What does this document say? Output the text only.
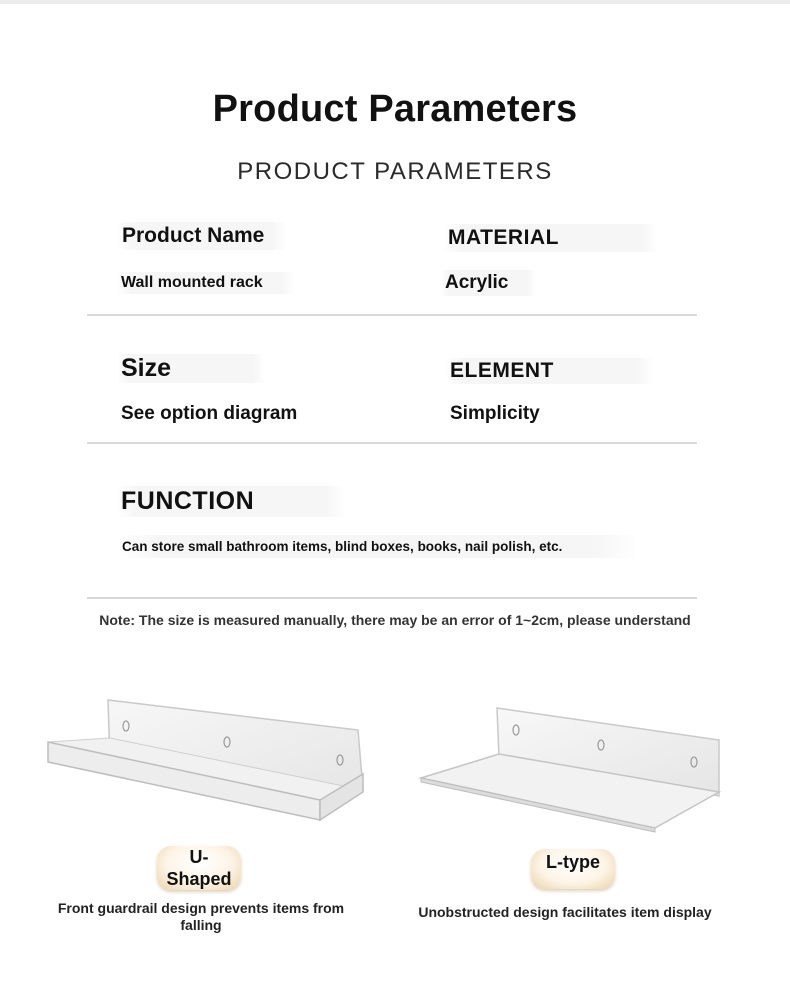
Product Parameters
PRODUCT PARAMETERS
Product Name	MATERIAL
Wall mounted rack	Acrylic
Size	ELEMENT
See option diagram	Simplicity
FUNCTION
Can store small bathroom items, blind boxes, books, nail polish, etc.
Note: The size is measured manually, there may be an error of 1~2cm, please understand
U-
Shaped
Front guardrail design prevents items from falling
L-type
Unobstructed design facilitates item display
